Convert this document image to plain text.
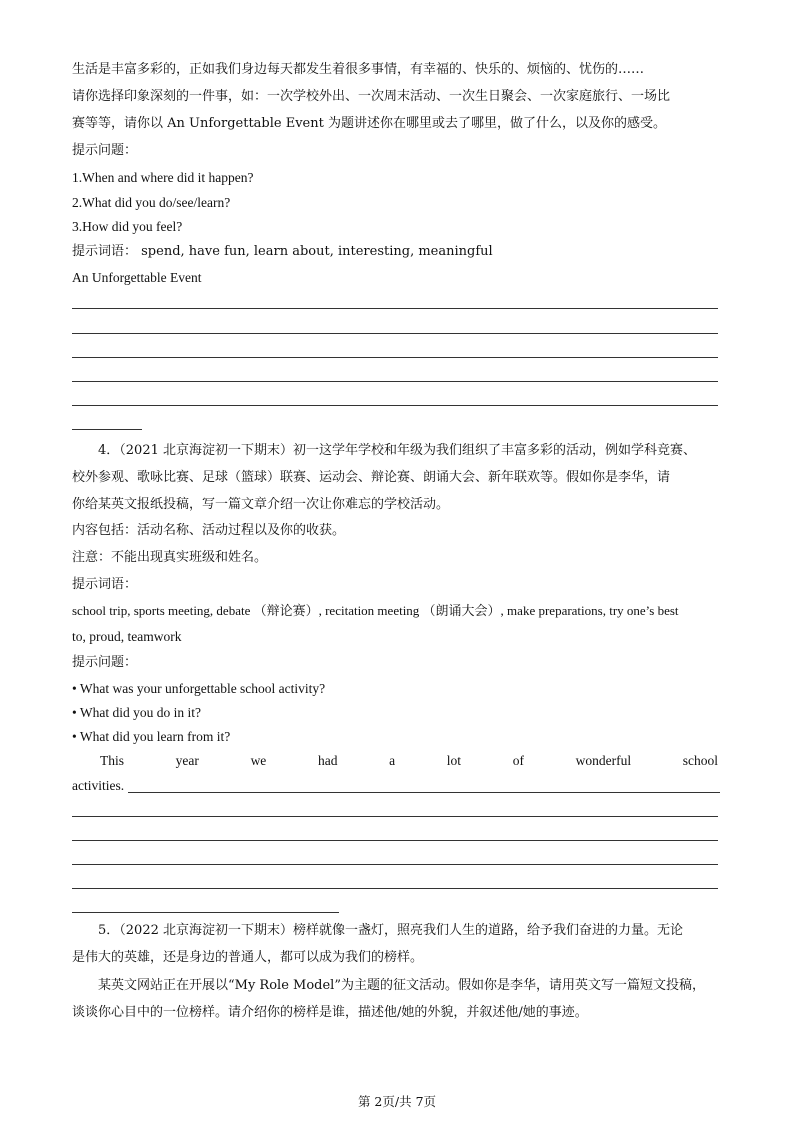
生活是丰富多彩的，正如我们身边每天都发生着很多事情，有幸福的、快乐的、烦恼的、忧伤的……
请你选择印象深刻的一件事，如：一次学校外出、一次周末活动、一次生日聚会、一次家庭旅行、一场比
赛等等，请你以 An Unforgettable Event 为题讲述你在哪里或去了哪里，做了什么，以及你的感受。
提示问题：
1.When and where did it happen?
2.What did you do/see/learn?
3.How did you feel?
提示词语： spend, have fun, learn about, interesting, meaningful
An Unforgettable Event
4．（2021 北京海淀初一下期末）初一这学年学校和年级为我们组织了丰富多彩的活动，例如学科竞赛、
校外参观、歌咏比赛、足球（篮球）联赛、运动会、辩论赛、朗诵大会、新年联欢等。假如你是李华，请
你给某英文报纸投稿，写一篇文章介绍一次让你难忘的学校活动。
内容包括：活动名称、活动过程以及你的收获。
注意：不能出现真实班级和姓名。
提示词语：
school trip, sports meeting, debate （辩论赛）, recitation meeting （朗诵大会）, make preparations, try one’s best
to, proud, teamwork
提示问题：
• What was your unforgettable school activity?
• What did you do in it?
• What did you learn from it?
This	year	we	had	a	lot	of	wonderful	school
activities.
5．（2022 北京海淀初一下期末）榜样就像一盏灯，照亮我们人生的道路，给予我们奋进的力量。无论
是伟大的英雄，还是身边的普通人，都可以成为我们的榜样。
某英文网站正在开展以“My Role Model”为主题的征文活动。假如你是李华，请用英文写一篇短文投稿，
谈谈你心目中的一位榜样。请介绍你的榜样是谁，描述他/她的外貌，并叙述他/她的事迹。
第 2页/共 7页
